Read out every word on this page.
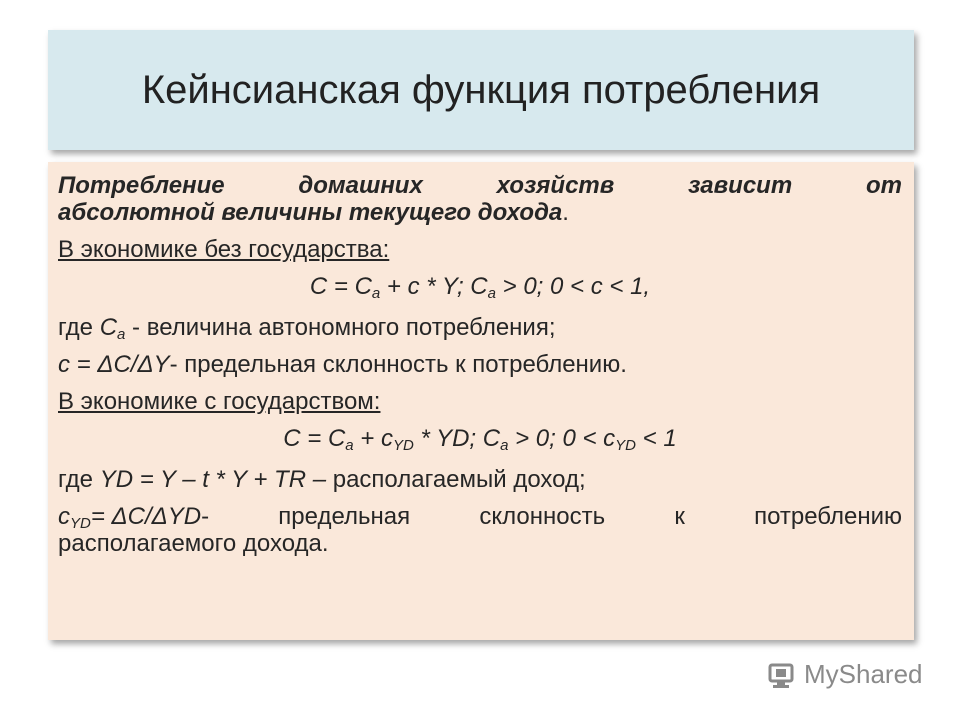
Кейнсианская функция потребления
Потребление	домашних	хозяйств	зависит	от
абсолютной величины текущего дохода.
В экономике без государства:
$C = C_a + c * Y$; $C_a > 0$; 0 < c < 1,
где $C_a$ - величина автономного потребления;
c = ΔC/ΔY- предельная склонность к потреблению.
В экономике с государством:
$C = C_a + c_{YD}$ * YD; $C_a > 0$; $0 < c_{YD} < 1$
где YD = Y – t * Y + TR – располагаемый доход;
$c_{YD}= \Delta C/\Delta YD$ - предельная склонность к потреблению
располагаемого дохода.
MyShared
